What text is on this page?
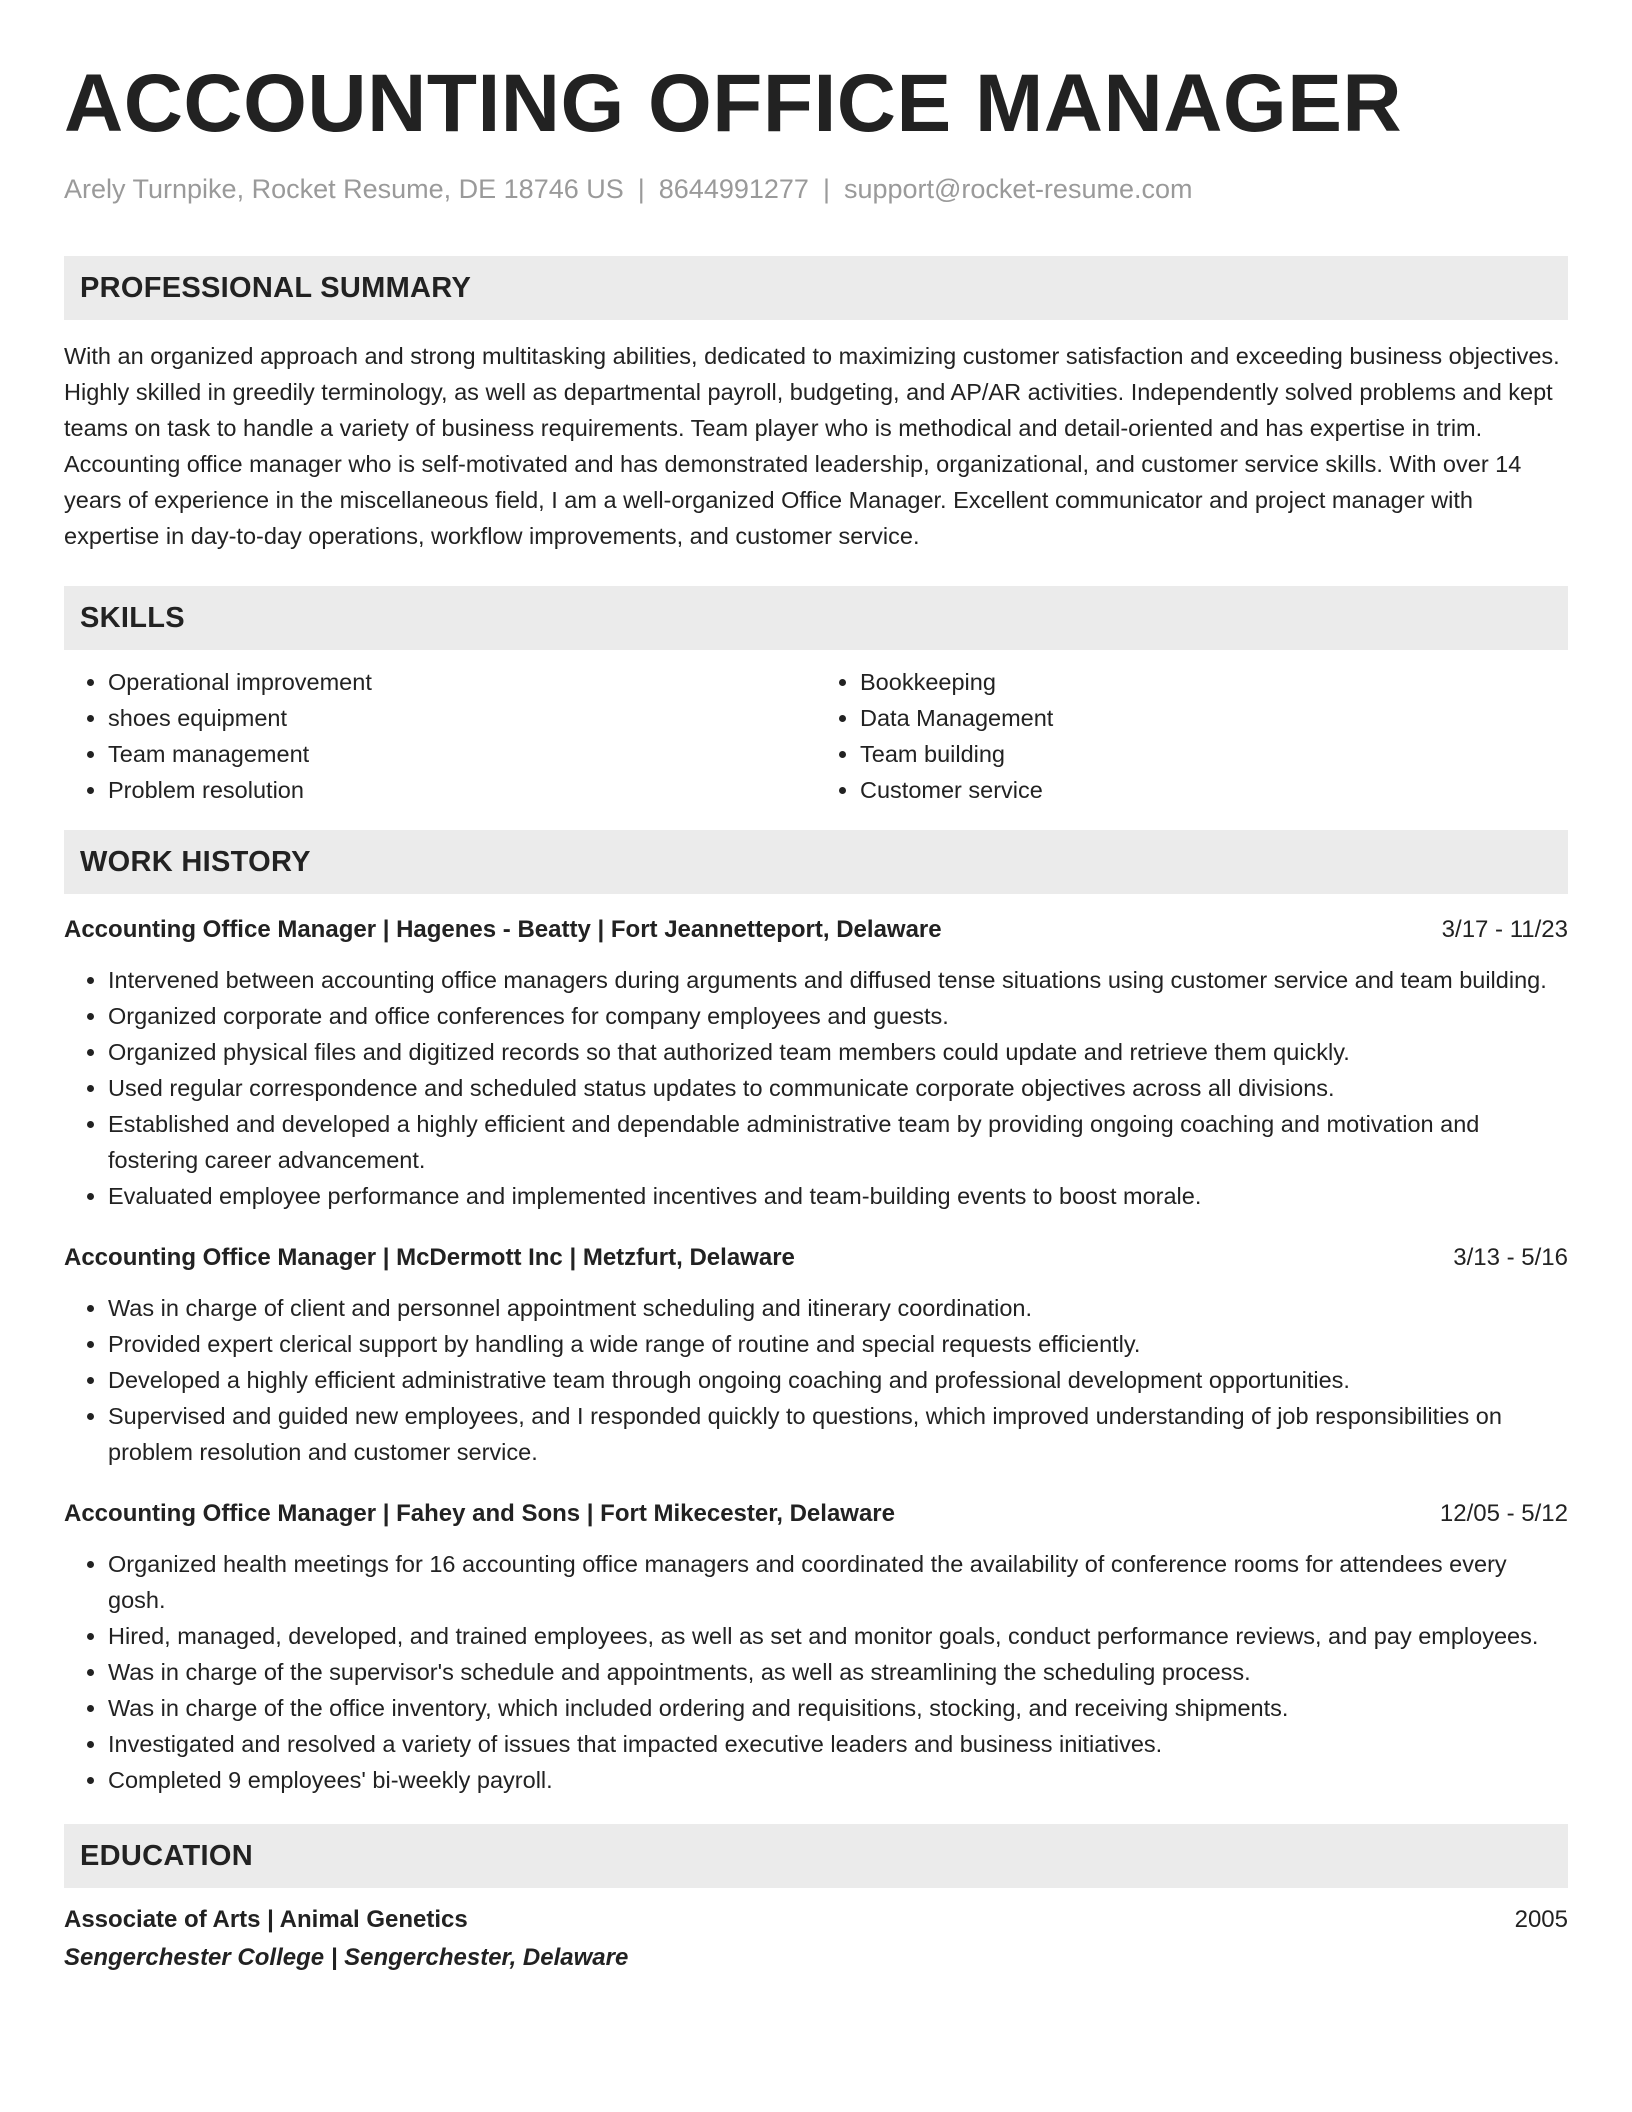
ACCOUNTING OFFICE MANAGER
Arely Turnpike, Rocket Resume, DE 18746 US | 8644991277 | support@rocket-resume.com
PROFESSIONAL SUMMARY

With an organized approach and strong multitasking abilities, dedicated to maximizing customer satisfaction and exceeding business objectives. Highly skilled in greedily terminology, as well as departmental payroll, budgeting, and AP/AR activities. Independently solved problems and kept teams on task to handle a variety of business requirements. Team player who is methodical and detail-oriented and has expertise in trim. Accounting office manager who is self-motivated and has demonstrated leadership, organizational, and customer service skills. With over 14 years of experience in the miscellaneous field, I am a well-organized Office Manager. Excellent communicator and project manager with expertise in day-to-day operations, workflow improvements, and customer service.

SKILLS
• Operational improvement
• shoes equipment
• Team management
• Problem resolution
• Bookkeeping
• Data Management
• Team building
• Customer service
WORK HISTORY
Accounting Office Manager | Hagenes - Beatty | Fort Jeannetteport, Delaware	3/17 - 11/23
• Intervened between accounting office managers during arguments and diffused tense situations using customer service and team building.
• Organized corporate and office conferences for company employees and guests.
• Organized physical files and digitized records so that authorized team members could update and retrieve them quickly.
• Used regular correspondence and scheduled status updates to communicate corporate objectives across all divisions.
• Established and developed a highly efficient and dependable administrative team by providing ongoing coaching and motivation and fostering career advancement.
• Evaluated employee performance and implemented incentives and team-building events to boost morale.
Accounting Office Manager | McDermott Inc | Metzfurt, Delaware	3/13 - 5/16
• Was in charge of client and personnel appointment scheduling and itinerary coordination.
• Provided expert clerical support by handling a wide range of routine and special requests efficiently.
• Developed a highly efficient administrative team through ongoing coaching and professional development opportunities.
• Supervised and guided new employees, and I responded quickly to questions, which improved understanding of job responsibilities on problem resolution and customer service.
Accounting Office Manager | Fahey and Sons | Fort Mikecester, Delaware	12/05 - 5/12
• Organized health meetings for 16 accounting office managers and coordinated the availability of conference rooms for attendees every gosh.
• Hired, managed, developed, and trained employees, as well as set and monitor goals, conduct performance reviews, and pay employees.
• Was in charge of the supervisor's schedule and appointments, as well as streamlining the scheduling process.
• Was in charge of the office inventory, which included ordering and requisitions, stocking, and receiving shipments.
• Investigated and resolved a variety of issues that impacted executive leaders and business initiatives.
• Completed 9 employees' bi-weekly payroll.
EDUCATION
Associate of Arts | Animal Genetics	2005
Sengerchester College | Sengerchester, Delaware
